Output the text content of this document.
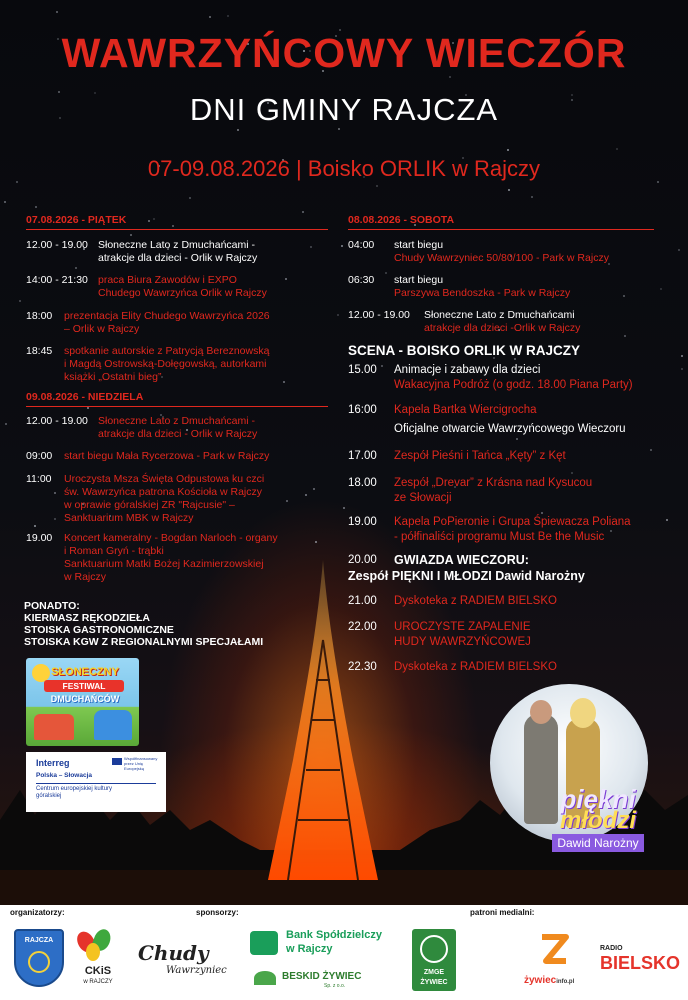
WAWRZYŃCOWY WIECZÓR
DNI GMINY RAJCZA
07-09.08.2026 | Boisko ORLIK w Rajczy
07.08.2026 - PIĄTEK
12.00 - 19.00 Słoneczne Lato z Dmuchańcami -
atrakcje dla dzieci - Orlik w Rajczy
14:00 - 21:30 praca Biura Zawodów i EXPO
Chudego Wawrzyńca Orlik w Rajczy
18:00 prezentacja Elity Chudego Wawrzyńca 2026
– Orlik w Rajczy
18:45 spotkanie autorskie z Patrycją Bereznowską
i Magdą Ostrowską-Dołęgowską, autorkami
książki „Ostatni bieg”
09.08.2026 - NIEDZIELA
12.00 - 19.00 Słoneczne Lato z Dmuchańcami -
atrakcje dla dzieci - Orlik w Rajczy
09:00 start biegu Mała Rycerzowa - Park w Rajczy
11:00 Uroczysta Msza Święta Odpustowa ku czci
św. Wawrzyńca patrona Kościoła w Rajczy
w oprawie góralskiej ZR "Rajcusie" –
Sanktuarium MBK w Rajczy
19.00 Koncert kameralny - Bogdan Narloch - organy
i Roman Gryń - trąbki
Sanktuarium Matki Bożej Kazimierzowskiej
w Rajczy
08.08.2026 - SOBOTA
04:00 start biegu
Chudy Wawrzyniec 50/80/100 - Park w Rajczy
06:30 start biegu
Parszywa Bendoszka - Park w Rajczy
12.00 - 19.00 Słoneczne Lato z Dmuchańcami
atrakcje dla dzieci -Orlik w Rajczy
SCENA - BOISKO ORLIK W RAJCZY
15.00 Animacje i zabawy dla dzieci
Wakacyjna Podróż (o godz. 18.00 Piana Party)
16:00 Kapela Bartka Wiercigrocha
Oficjalne otwarcie Wawrzyńcowego Wieczoru
17.00 Zespół Pieśni i Tańca „Kęty” z Kęt
18.00 Zespół „Drevar” z Krásna nad Kysucou
ze Słowacji
19.00 Kapela PoPieronie i Grupa Śpiewacza Poliana
- półfinaliści programu Must Be the Music
20.00 GWIAZDA WIECZORU:
Zespół PIĘKNI I MŁODZI Dawid Narożny
21.00 Dyskoteka z RADIEM BIELSKO
22.00 UROCZYSTE ZAPALENIE
HUDY WAWRZYŃCOWEJ
22.30 Dyskoteka z RADIEM BIELSKO
PONADTO:
KIERMASZ RĘKODZIEŁA
STOISKA GASTRONOMICZNE
STOISKA KGW Z REGIONALNYMI SPECJAŁAMI
SŁONECZNY
FESTIWAL
DMUCHAŃCÓW
Interreg	Współfinansowany przez Unię Europejską
Polska – Słowacja
Centrum europejskiej kultury góralskiej	piękni
młodzi
Dawid Narożny
organizatorzy:	sponsorzy:	patroni medialni:
RAJCZA
CKiS
w RAJCZY
Chudy
Wawrzyniec
Bank Spółdzielczy
w Rajczy
BESKID ŻYWIEC
Sp. z o.o.
ZMGE
ŻYWIEC	żywiecinfo.pl
RADIO
BIELSKO
